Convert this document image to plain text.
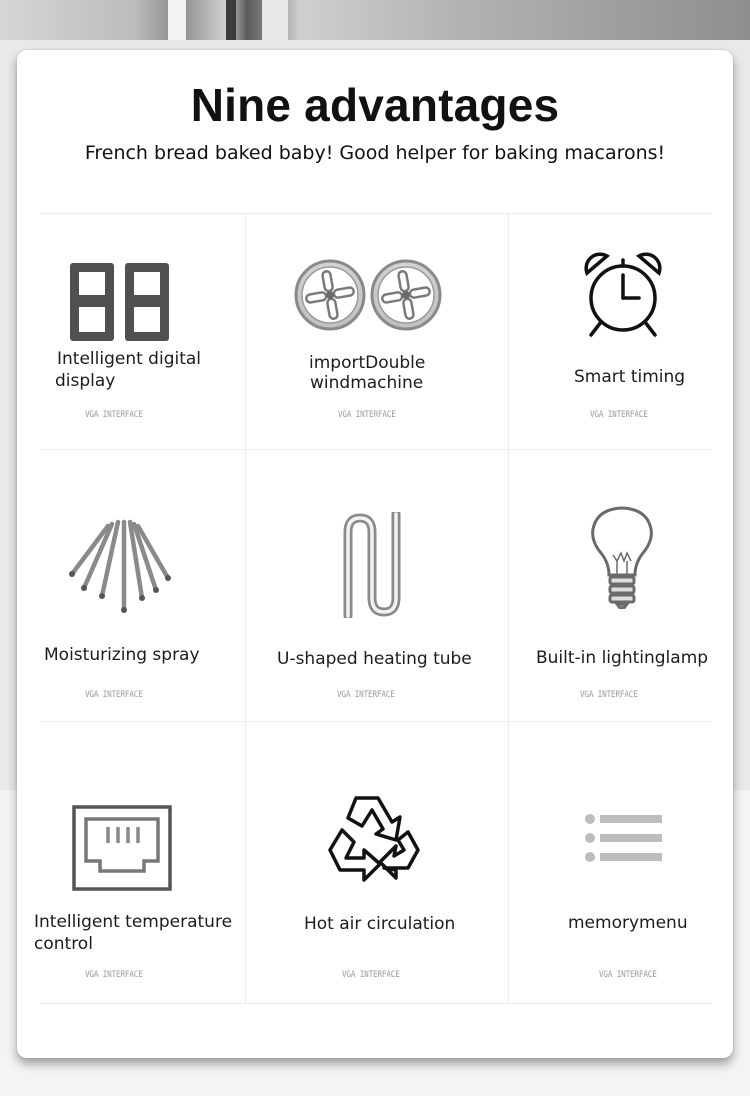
Nine advantages
French bread baked baby! Good helper for baking macarons!
Intelligent digital
display
VGA INTERFACE
importDouble
windmachine
VGA INTERFACE
Smart timing
VGA INTERFACE
Moisturizing spray
VGA INTERFACE
U-shaped heating tube
VGA INTERFACE
Built-in lightinglamp
VGA INTERFACE
Intelligent temperature
control
VGA INTERFACE
Hot air circulation
VGA INTERFACE
memorymenu
VGA INTERFACE
